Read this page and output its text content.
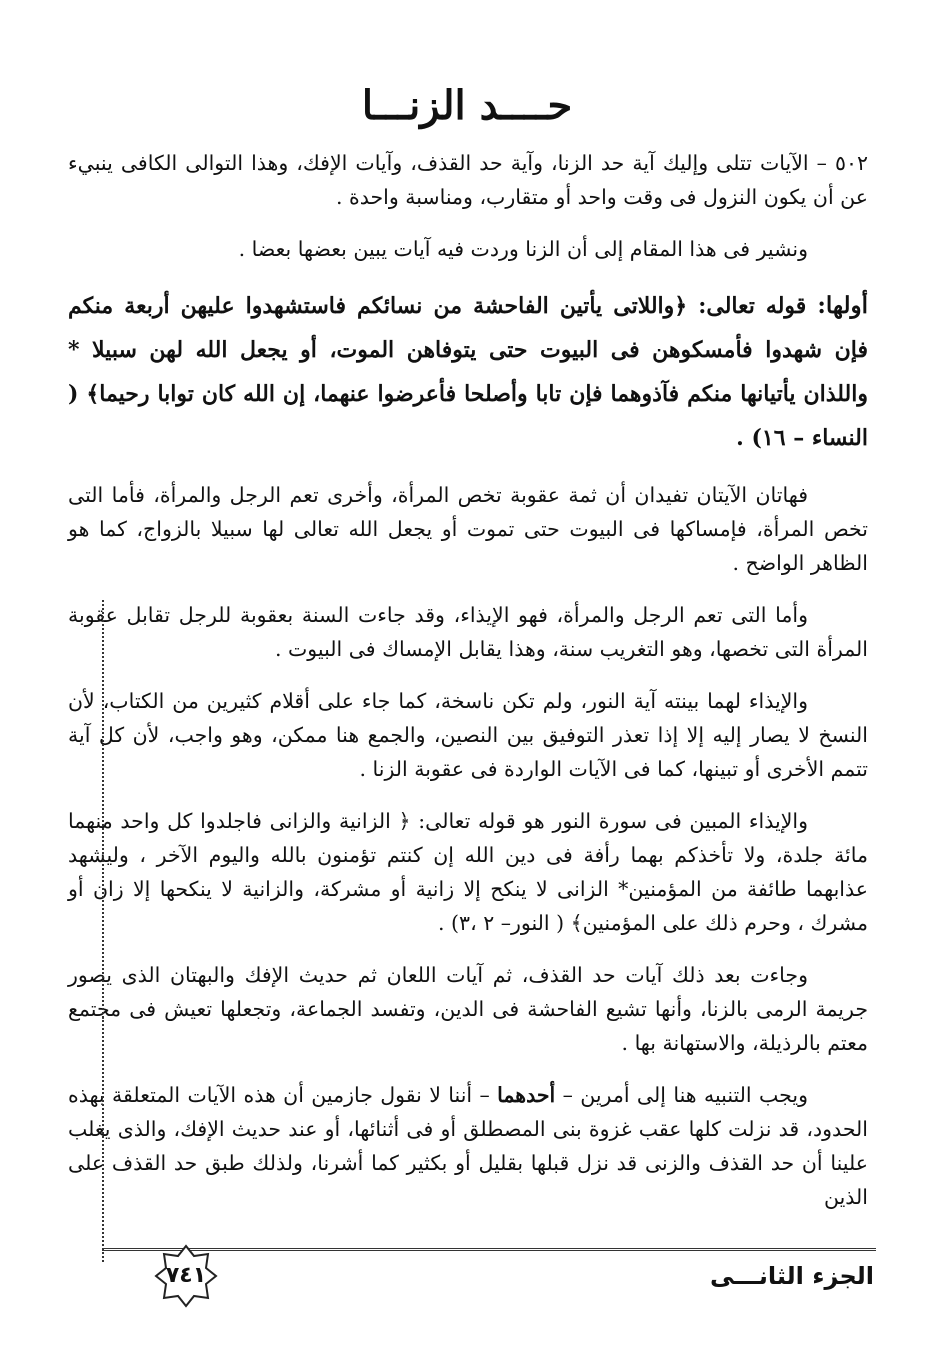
حــــد الزنـــا

٥٠٢ – الآيات تتلى وإليك آية حد الزنا، وآية حد القذف، وآيات الإفك، وهذا التوالى الكافى ينبيء عن أن يكون النزول فى وقت واحد أو متقارب، ومناسبة واحدة .

ونشير فى هذا المقام إلى أن الزنا وردت فيه آيات يبين بعضها بعضا .

أولها: قوله تعالى: ﴿واللاتى يأتين الفاحشة من نسائكم فاستشهدوا عليهن أربعة منكم فإن شهدوا فأمسكوهن فى البيوت حتى يتوفاهن الموت، أو يجعل الله لهن سبيلا * واللذان يأتيانها منكم فآذوهما فإن تابا وأصلحا فأعرضوا عنهما، إن الله كان توابا رحيما﴾ ( النساء – ١٦) .

فهاتان الآيتان تفيدان أن ثمة عقوبة تخص المرأة، وأخرى تعم الرجل والمرأة، فأما التى تخص المرأة، فإمساكها فى البيوت حتى تموت أو يجعل الله تعالى لها سبيلا بالزواج، كما هو الظاهر الواضح .

وأما التى تعم الرجل والمرأة، فهو الإيذاء، وقد جاءت السنة بعقوبة للرجل تقابل عقوبة المرأة التى تخصها، وهو التغريب سنة، وهذا يقابل الإمساك فى البيوت .

والإيذاء لهما بينته آية النور، ولم تكن ناسخة، كما جاء على أقلام كثيرين من الكتاب، لأن النسخ لا يصار إليه إلا إذا تعذر التوفيق بين النصين، والجمع هنا ممكن، وهو واجب، لأن كل آية تتمم الأخرى أو تبينها، كما فى الآيات الواردة فى عقوبة الزنا .

والإيذاء المبين فى سورة النور هو قوله تعالى: ﴿ الزانية والزانى فاجلدوا كل واحد منهما مائة جلدة، ولا تأخذكم بهما رأفة فى دين الله إن كنتم تؤمنون بالله واليوم الآخر ، وليشهد عذابهما طائفة من المؤمنين* الزانى لا ينكح إلا زانية أو مشركة، والزانية لا ينكحها إلا زان أو مشرك ، وحرم ذلك على المؤمنين﴾ ( النور– ٢ ،٣) .

وجاءت بعد ذلك آيات حد القذف، ثم آيات اللعان ثم حديث الإفك والبهتان الذى يصور جريمة الرمى بالزنا، وأنها تشيع الفاحشة فى الدين، وتفسد الجماعة، وتجعلها تعيش فى مجتمع معتم بالرذيلة، والاستهانة بها .

ويجب التنبيه هنا إلى أمرين – أحدهما – أننا لا نقول جازمين أن هذه الآيات المتعلقة بهذه الحدود، قد نزلت كلها عقب غزوة بنى المصطلق أو فى أثنائها، أو عند حديث الإفك، والذى يغلب علينا أن حد القذف والزنى قد نزل قبلها بقليل أو بكثير كما أشرنا، ولذلك طبق حد القذف على الذين

الجزء الثانـــى
٧٤١
